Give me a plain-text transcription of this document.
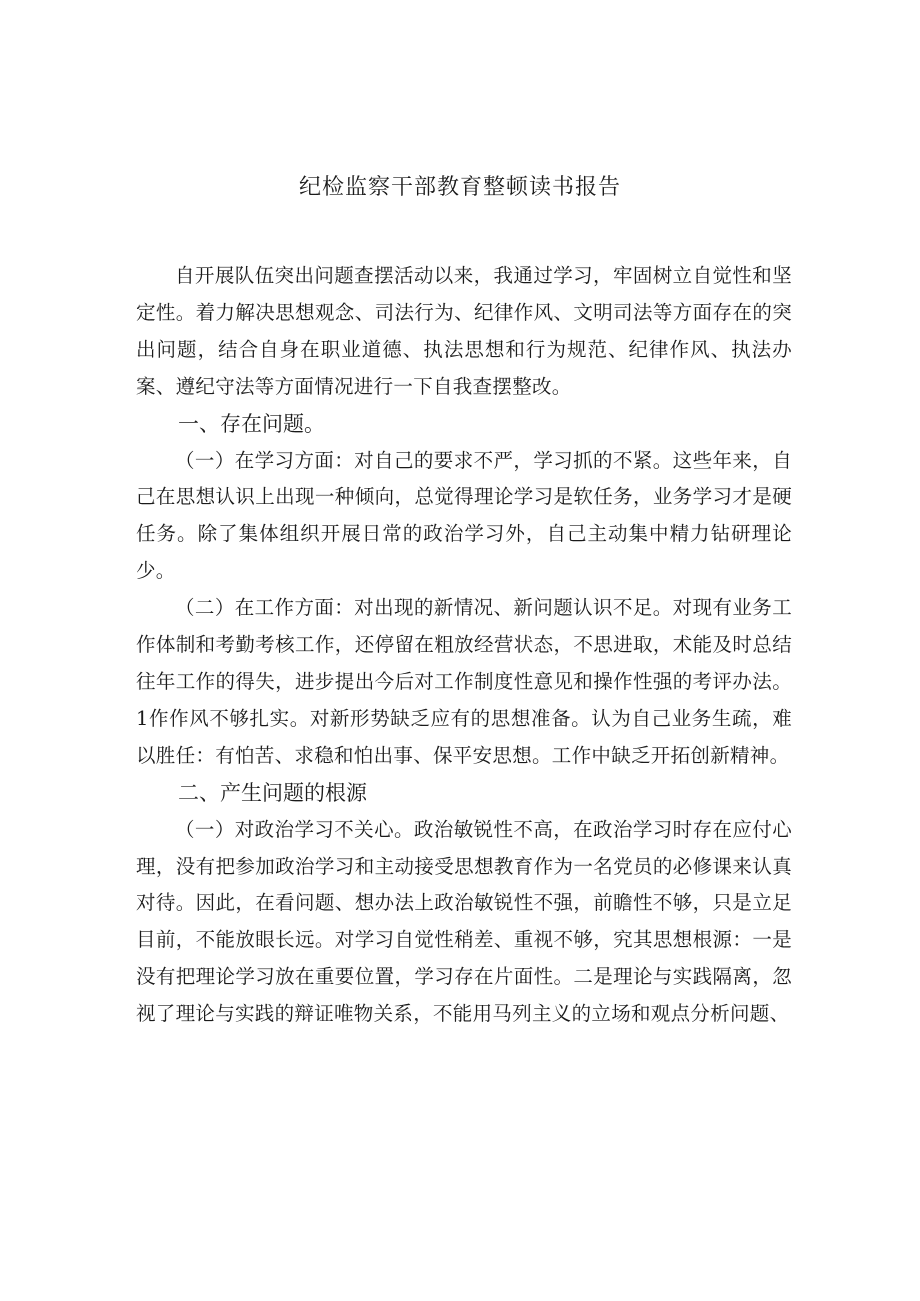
纪检监察干部教育整顿读书报告

自开展队伍突出问题查摆活动以来，我通过学习，牢固树立自觉性和坚定性。着力解决思想观念、司法行为、纪律作风、文明司法等方面存在的突出问题，结合自身在职业道德、执法思想和行为规范、纪律作风、执法办案、遵纪守法等方面情况进行一下自我查摆整改。

一、存在问题。

（一）在学习方面：对自己的要求不严，学习抓的不紧。这些年来，自己在思想认识上出现一种倾向，总觉得理论学习是软任务，业务学习才是硬任务。除了集体组织开展日常的政治学习外，自己主动集中精力钻研理论少。

（二）在工作方面：对出现的新情况、新问题认识不足。对现有业务工作体制和考勤考核工作，还停留在粗放经营状态，不思进取，术能及时总结往年工作的得失，进步提出今后对工作制度性意见和操作性强的考评办法。1作作风不够扎实。对新形势缺乏应有的思想准备。认为自己业务生疏，难以胜任：有怕苦、求稳和怕出事、保平安思想。工作中缺乏开拓创新精神。

二、产生问题的根源

（一）对政治学习不关心。政治敏锐性不高，在政治学习时存在应付心理，没有把参加政治学习和主动接受思想教育作为一名党员的必修课来认真对待。因此，在看问题、想办法上政治敏锐性不强，前瞻性不够，只是立足目前，不能放眼长远。对学习自觉性稍差、重视不够，究其思想根源：一是没有把理论学习放在重要位置，学习存在片面性。二是理论与实践隔离，忽视了理论与实践的辩证唯物关系，不能用马列主义的立场和观点分析问题、
